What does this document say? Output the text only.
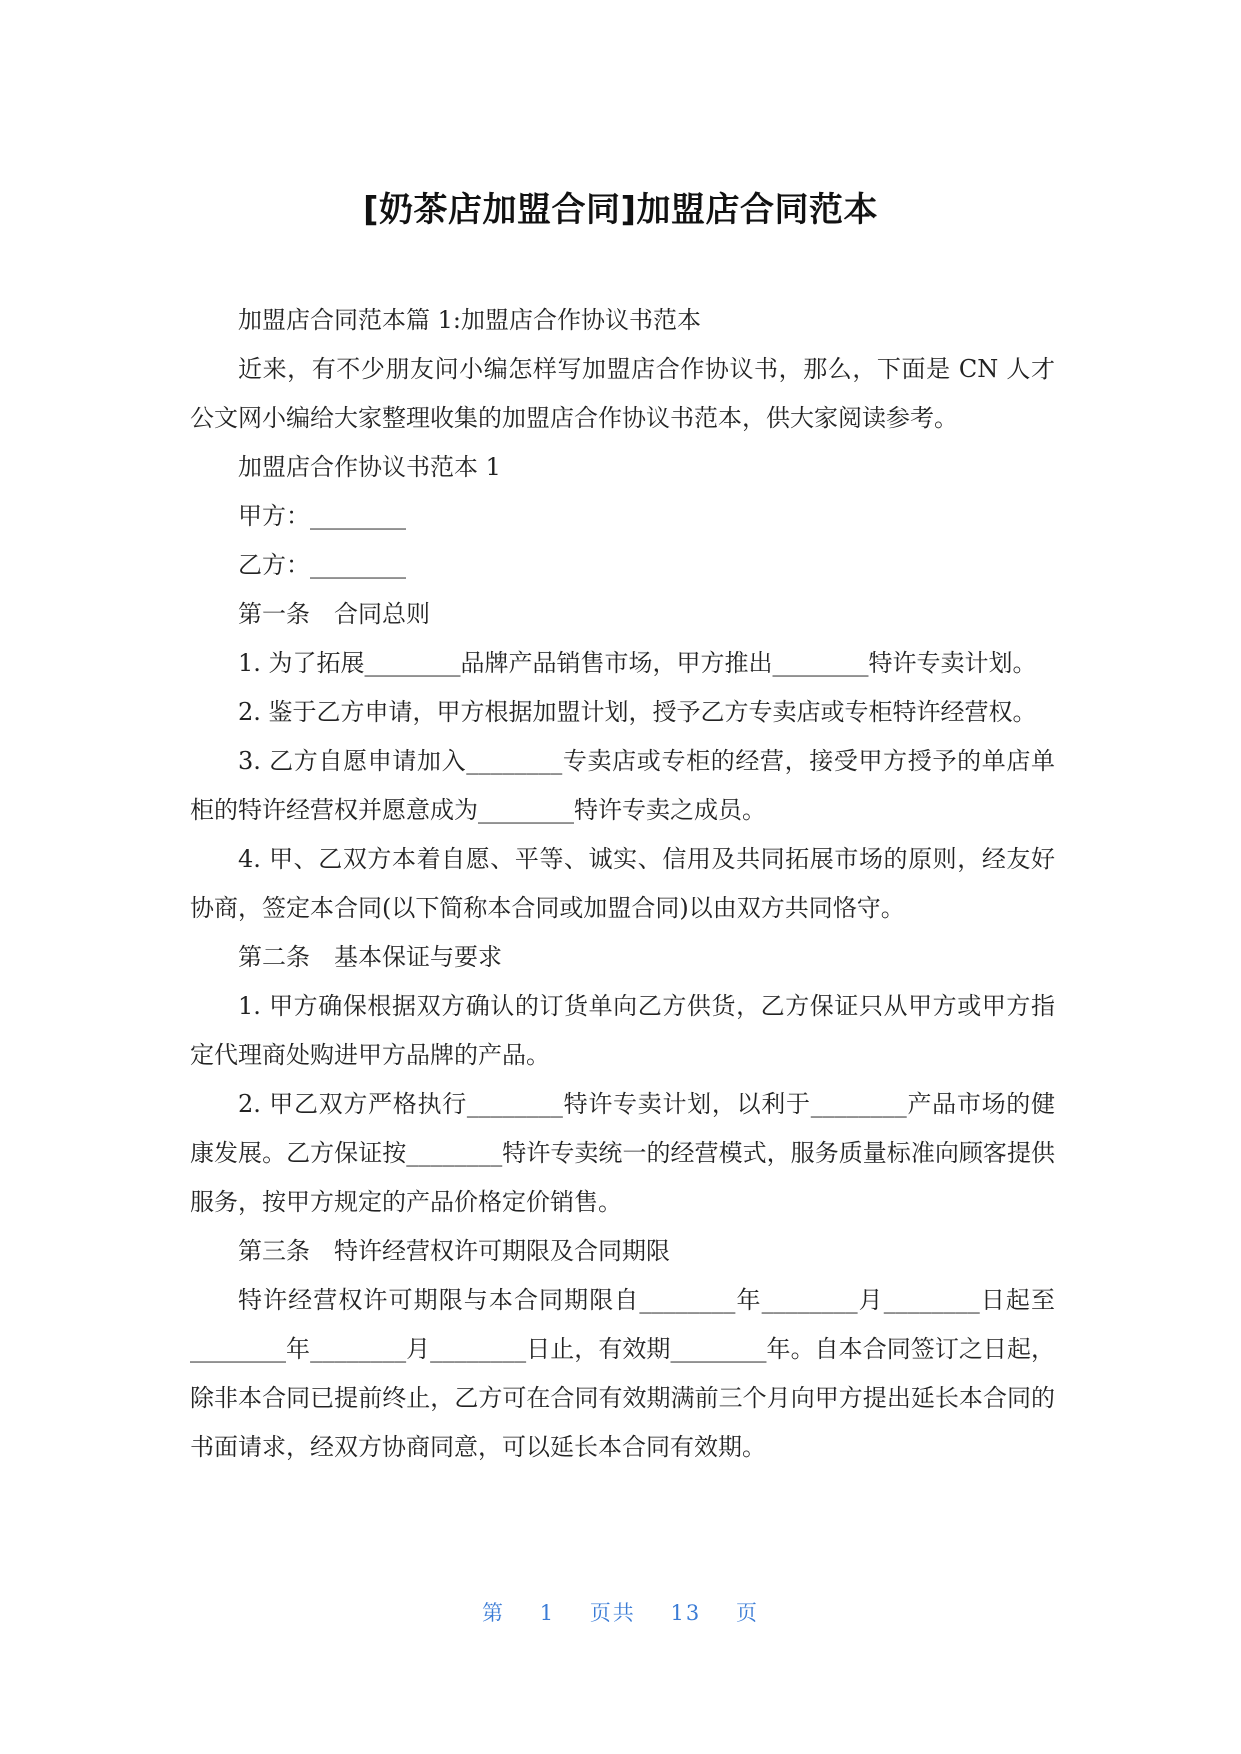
[奶茶店加盟合同]加盟店合同范本

加盟店合同范本篇 1:加盟店合作协议书范本

近来，有不少朋友问小编怎样写加盟店合作协议书，那么，下面是 CN 人才公文网小编给大家整理收集的加盟店合作协议书范本，供大家阅读参考。

加盟店合作协议书范本 1

甲方：________

乙方：________

第一条　合同总则

1. 为了拓展________品牌产品销售市场，甲方推出________特许专卖计划。

2. 鉴于乙方申请，甲方根据加盟计划，授予乙方专卖店或专柜特许经营权。

3. 乙方自愿申请加入________专卖店或专柜的经营，接受甲方授予的单店单柜的特许经营权并愿意成为________特许专卖之成员。

4. 甲、乙双方本着自愿、平等、诚实、信用及共同拓展市场的原则，经友好协商，签定本合同(以下简称本合同或加盟合同)以由双方共同恪守。

第二条　基本保证与要求

1. 甲方确保根据双方确认的订货单向乙方供货，乙方保证只从甲方或甲方指定代理商处购进甲方品牌的产品。

2. 甲乙双方严格执行________特许专卖计划，以利于________产品市场的健康发展。乙方保证按________特许专卖统一的经营模式，服务质量标准向顾客提供服务，按甲方规定的产品价格定价销售。

第三条　特许经营权许可期限及合同期限

特许经营权许可期限与本合同期限自________年________月________日起至________年________月________日止，有效期________年。自本合同签订之日起，除非本合同已提前终止，乙方可在合同有效期满前三个月向甲方提出延长本合同的书面请求，经双方协商同意，可以延长本合同有效期。

第 1 页共 13 页
